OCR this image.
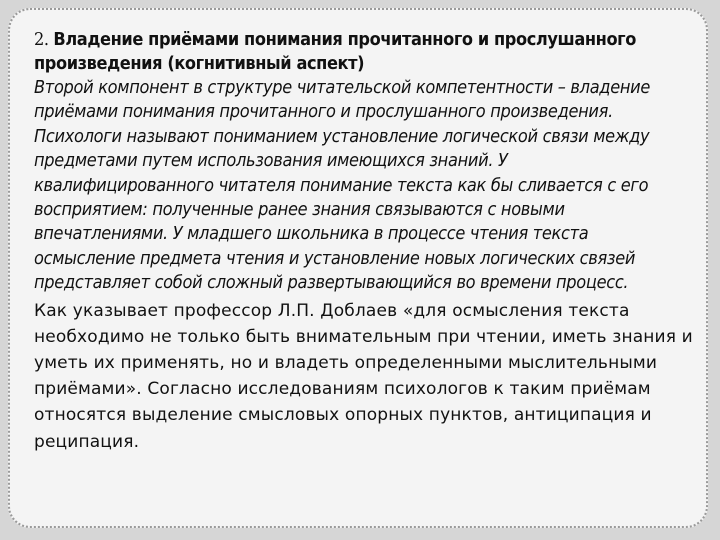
2. Владение приёмами понимания прочитанного и прослушанного
произведения (когнитивный аспект)

Второй компонент в структуре читательской компетентности – владение
приёмами понимания прочитанного и прослушанного произведения.
Психологи называют пониманием установление логической связи между
предметами путем использования имеющихся знаний. У
квалифицированного читателя понимание текста как бы сливается с его
восприятием: полученные ранее знания связываются с новыми
впечатлениями. У младшего школьника в процессе чтения текста
осмысление предмета чтения и установление новых логических связей
представляет собой сложный развертывающийся во времени процесс.

Как указывает профессор Л.П. Доблаев «для осмысления текста
необходимо не только быть внимательным при чтении, иметь знания и
уметь их применять, но и владеть определенными мыслительными
приёмами». Согласно исследованиям психологов к таким приёмам
относятся выделение смысловых опорных пунктов, антиципация и
реципация.
